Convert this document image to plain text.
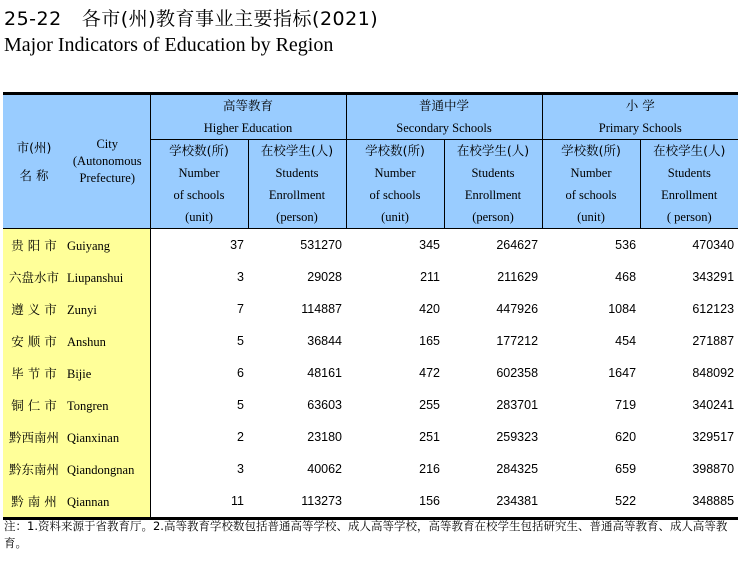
25-22 各市(州)教育事业主要指标(2021)
Major Indicators of Education by Region
市(州)
名 称
City
(Autonomous
Prefecture)

高等教育
Higher Education

普通中学
Secondary Schools

小 学
Primary Schools

学校数(所)
Number
of schools
(unit)

在校学生(人)
Students
Enrollment
(person)

学校数(所)
Number
of schools
(unit)

在校学生(人)
Students
Enrollment
(person)

学校数(所)
Number
of schools
(unit)

在校学生(人)
Students
Enrollment
( person)

贵 阳 市 Guiyang	37	531270	345	264627	536	470340
六盘水市 Liupanshui	3	29028	211	211629	468	343291
遵 义 市 Zunyi	7	114887	420	447926	1084	612123
安 顺 市 Anshun	5	36844	165	177212	454	271887
毕 节 市 Bijie	6	48161	472	602358	1647	848092
铜 仁 市 Tongren	5	63603	255	283701	719	340241
黔西南州 Qianxinan	2	23180	251	259323	620	329517
黔东南州 Qiandongnan	3	40062	216	284325	659	398870
黔 南 州 Qiannan	11	113273	156	234381	522	348885
注：1.资料来源于省教育厅。2.高等教育学校数包括普通高等学校、成人高等学校，高等教育在校学生包括研究生、普通高等教育、成人高等教育。
